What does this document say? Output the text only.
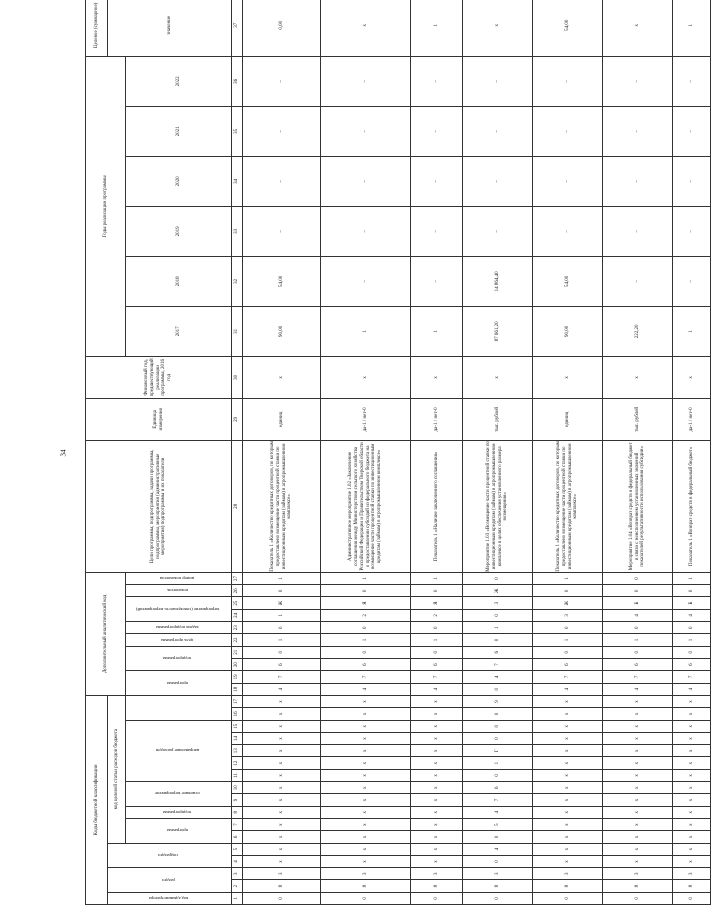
34
Коды бюджетной классификации																	Дополнительный аналитический код										Цели программы, подпрограммы, задачи программы, подпрограммы, мероприятия (административные мероприятия) подпрограммы и их показатели	Единица измерения	Финансовый год, предшествующий реализации программы, 2016 год	Годы реализации программы						Целевое (суммарное)
код администратора	раздел		подраздел		код целевой статьи расходов бюджета																															значение
					программа		подпрограмма	основное мероприятие		направление расходов							программа		подпрограмма		цель программы	задача подпрограммы	мероприятие (совокупность мероприятий)		показатель	номер показателя				2017	2018	2019	2020	2021	2022	
1	2	3	4	5	6	7	8	9	10	11	12	13	14	15	16	17	18	19	20	21	22	23	24	25	26	27	28	29	30	31	32	33	34	35	36	37
0	8	3	x	x	x	x	x	x	x	x	x	x	x	x	x	x	4	7	6	0	1	0	1	Ж	0	1	Показатель 1 «Количество кредитных договоров, по которым предоставлено возмещение части процентной ставки по инвестиционным кредитам (займам) в агропромышленном комплексе»	единиц	x	90,00	54,00	–	–	–	–	0,00
0	8	3	x	x	x	x	x	x	x	x	x	x	x	x	x	x	4	7	6	0	1	0	2	Я	0	1	Административное мероприятие 1.02 «Заключение соглашения между Министерством сельского хозяйства Российской Федерации и Правительством Тверской области о предоставлении субсидий из федерального бюджета на возмещение части процентной ставки по инвестиционным кредитам (займам) в агропромышленном комплексе»	да-1 / нет-0	x	1	–	–	–	–	–	x
0	8	3	x	x	x	x	x	x	x	x	x	x	x	x	x	x	4	7	6	0	1	0	2	Я	0	1	Показатель 1 «Наличие заключенного соглашения»	да-1 / нет-0	x	1	–	–	–	–	–	1
0	8	3	0	4	0	5	4	7	6	0	1	Г	0	0	0	9	0	4	7	6	0	1	0	3	Ж	0	Мероприятие 1.03 «Возмещение части процентной ставки по инвестиционным кредитам (займам) в агропромышленном комплексе в целях обеспечения установленного размера возмещения»	тыс. рублей	x	87 661,20	14 864,40	–	–	–	–	x
0	8	3	x	x	x	x	x	x	x	x	x	x	x	x	x	x	4	7	6	0	1	0	3	Ж	0	1	Показатель 1 «Количество кредитных договоров, по которым предоставлено возмещение части процентной ставки по инвестиционным кредитам (займам) в агропромышленном комплексе»	единиц	x	90,00	54,00	–	–	–	–	54,00
0	8	3	x	x	x	x	x	x	x	x	x	x	x	x	x	x	4	7	6	0	1	0	4	Б	0	0	Мероприятие 1.04 «Возврат средств в федеральный бюджет в связи с неисполнением установленных значений показателей результативности использования субсидии»	тыс. рублей	x	222,20	–	–	–	–	–	x
0	8	3	x	x	x	x	x	x	x	x	x	x	x	x	x	x	4	7	6	0	1	0	4	Б	0	1	Показатель 1 «Возврат средств в федеральный бюджет»	да-1 / нет-0	x	1	–	–	–	–	–	1
